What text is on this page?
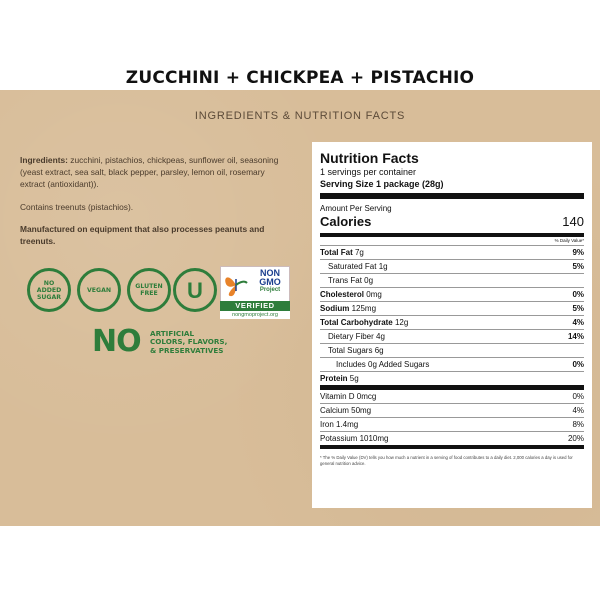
ZUCCHINI + CHICKPEA + PISTACHIO
INGREDIENTS & NUTRITION FACTS

Ingredients: zucchini, pistachios, chickpeas, sunflower oil, seasoning (yeast extract, sea salt, black pepper, parsley, lemon oil, rosemary extract (antioxidant)).

Contains treenuts (pistachios).

Manufactured on equipment that also processes peanuts and treenuts.

NO
ADDED
SUGAR
VEGAN	GLUTEN
FREE U
NON
GMO
Project
VERIFIED
nongmoproject.org
NO ARTIFICIAL
COLORS, FLAVORS,
& PRESERVATIVES
Nutrition Facts
1 servings per container
Serving Size 1 package (28g)
Amount Per Serving
Calories	140
% Daily Value*
Total Fat 7g	9%
Saturated Fat 1g	5%
Trans Fat 0g
Cholesterol 0mg	0%
Sodium 125mg	5%
Total Carbohydrate 12g	4%
Dietary Fiber 4g	14%
Total Sugars 6g
Includes 0g Added Sugars	0%
Protein 5g
Vitamin D 0mcg	0%
Calcium 50mg	4%
Iron 1.4mg	8%
Potassium 1010mg	20%
* The % Daily Value (DV) tells you how much a nutrient in a serving of food contributes to a daily diet. 2,000 calories a day is used for general nutrition advice.
